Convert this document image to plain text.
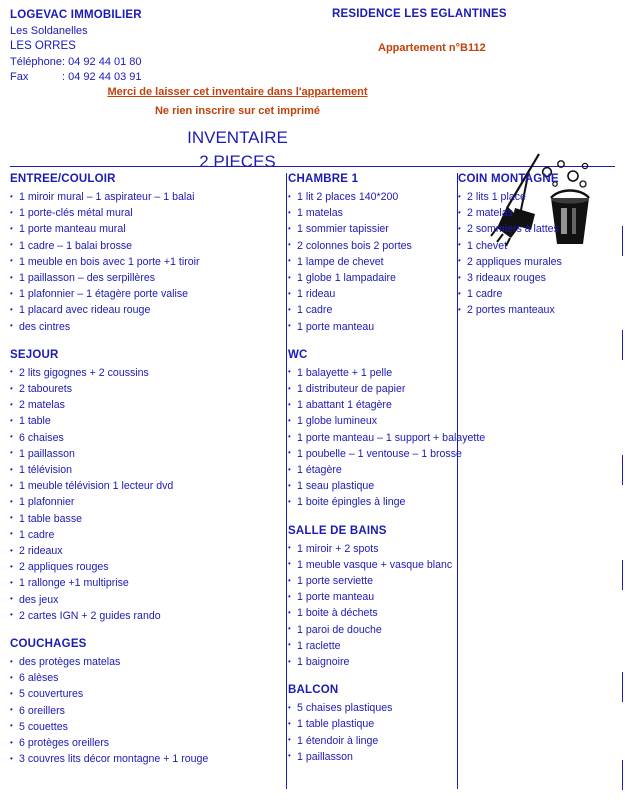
LOGEVAC IMMOBILIER
Les Soldanelles
LES ORRES
Téléphone: 04 92 44 01 80
Fax	: 04 92 44 03 91
RESIDENCE LES EGLANTINES
Appartement n°B112
Merci de laisser cet inventaire dans l'appartement
Ne rien inscrire sur cet imprimé
INVENTAIRE
2 PIECES
ENTREE/COULOIR
• 1 miroir mural – 1 aspirateur – 1 balai
• 1 porte-clés métal mural
• 1 porte manteau mural
• 1 cadre – 1 balai brosse
• 1 meuble en bois avec 1 porte +1 tiroir
• 1 paillasson – des serpillères
• 1 plafonnier – 1 étagère porte valise
• 1 placard avec rideau rouge
• des cintres
SEJOUR
• 2 lits gigognes + 2 coussins
• 2 tabourets
• 2 matelas
• 1 table
• 6 chaises
• 1 paillasson
• 1 télévision
• 1 meuble télévision 1 lecteur dvd
• 1 plafonnier
• 1 table basse
• 1 cadre
• 2 rideaux
• 2 appliques rouges
• 1 rallonge +1 multiprise
• des jeux
• 2 cartes IGN + 2 guides rando
COUCHAGES
• des protèges matelas
• 6 alèses
• 5 couvertures
• 6 oreillers
• 5 couettes
• 6 protèges oreillers
• 3 couvres lits décor montagne + 1 rouge
CHAMBRE 1
• 1 lit 2 places 140*200
• 1 matelas
• 1 sommier tapissier
• 2 colonnes bois 2 portes
• 1 lampe de chevet
• 1 globe 1 lampadaire
• 1 rideau
• 1 cadre
• 1 porte manteau
WC
• 1 balayette + 1 pelle
• 1 distributeur de papier
• 1 abattant 1 étagère
• 1 globe lumineux
• 1 porte manteau – 1 support + balayette
• 1 poubelle – 1 ventouse – 1 brosse
• 1 étagère
• 1 seau plastique
• 1 boite épingles à linge
SALLE DE BAINS
• 1 miroir + 2 spots
• 1 meuble vasque + vasque blanc
• 1 porte serviette
• 1 porte manteau
• 1 boite à déchets
• 1 paroi de douche
• 1 raclette
• 1 baignoire
BALCON
• 5 chaises plastiques
• 1 table plastique
• 1 étendoir à linge
• 1 paillasson
COIN MONTAGNE
• 2 lits 1 place
• 2 matelas
• 2 sommiers à lattes
• 1 chevet
• 2 appliques murales
• 3 rideaux rouges
• 1 cadre
• 2 portes manteaux
